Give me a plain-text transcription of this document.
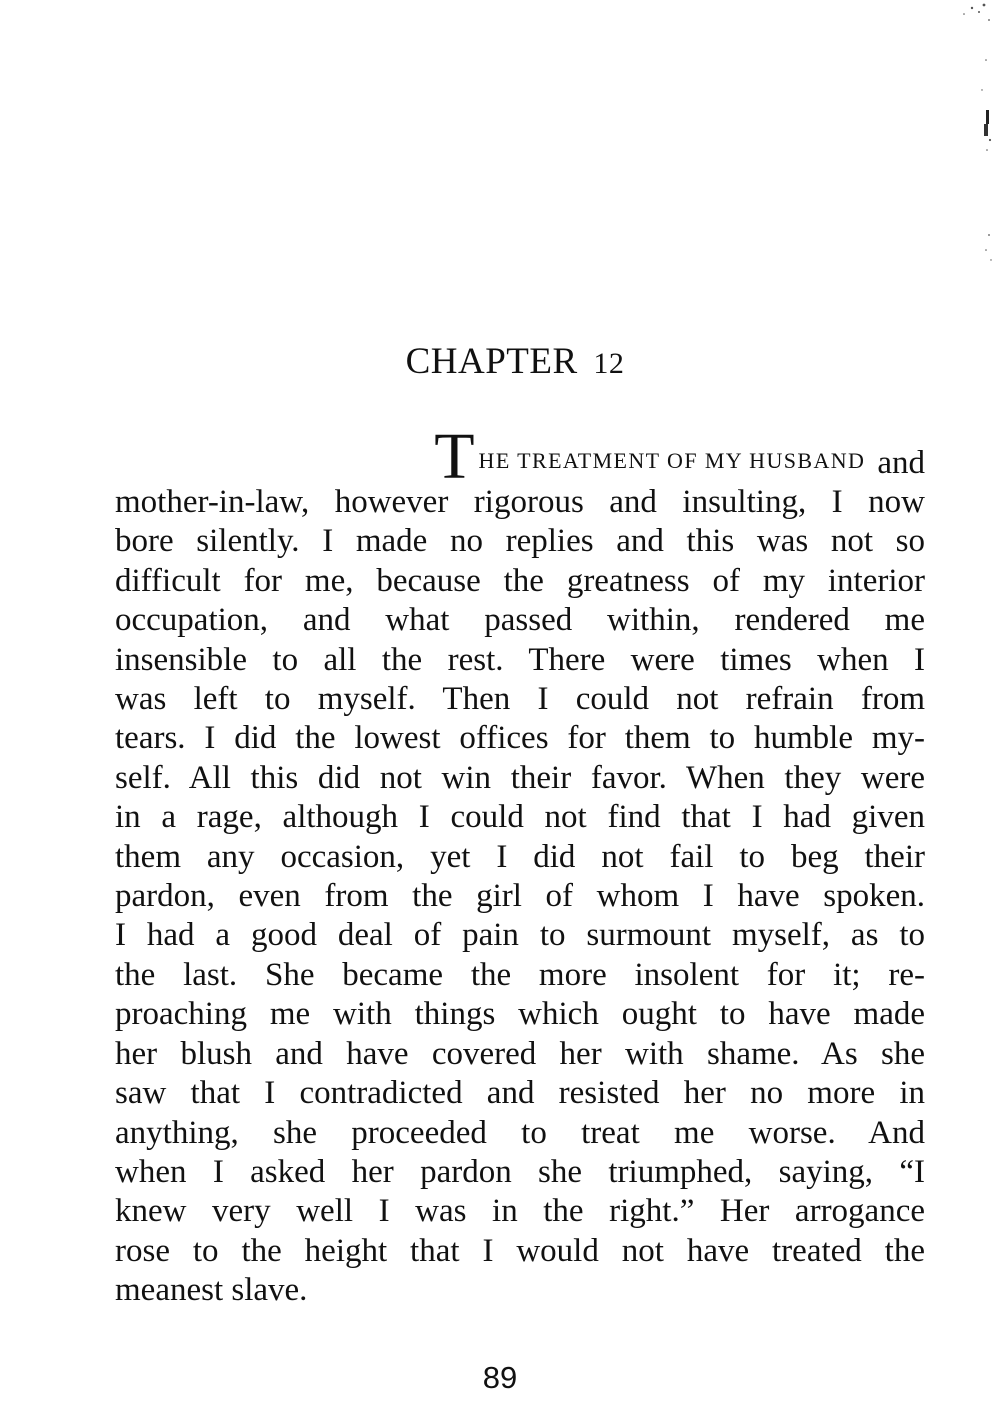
CHAPTER 12
T HE TREATMENT OF MY HUSBAND and
mother-in-law, however rigorous and insulting, I now
bore silently. I made no replies and this was not so
difficult for me, because the greatness of my interior
occupation, and what passed within, rendered me
insensible to all the rest. There were times when I
was left to myself. Then I could not refrain from
tears. I did the lowest offices for them to humble my-
self. All this did not win their favor. When they were
in a rage, although I could not find that I had given
them any occasion, yet I did not fail to beg their
pardon, even from the girl of whom I have spoken.
I had a good deal of pain to surmount myself, as to
the last. She became the more insolent for it; re-
proaching me with things which ought to have made
her blush and have covered her with shame. As she
saw that I contradicted and resisted her no more in
anything, she proceeded to treat me worse. And
when I asked her pardon she triumphed, saying, “I
knew very well I was in the right.” Her arrogance
rose to the height that I would not have treated the
meanest slave.
89
